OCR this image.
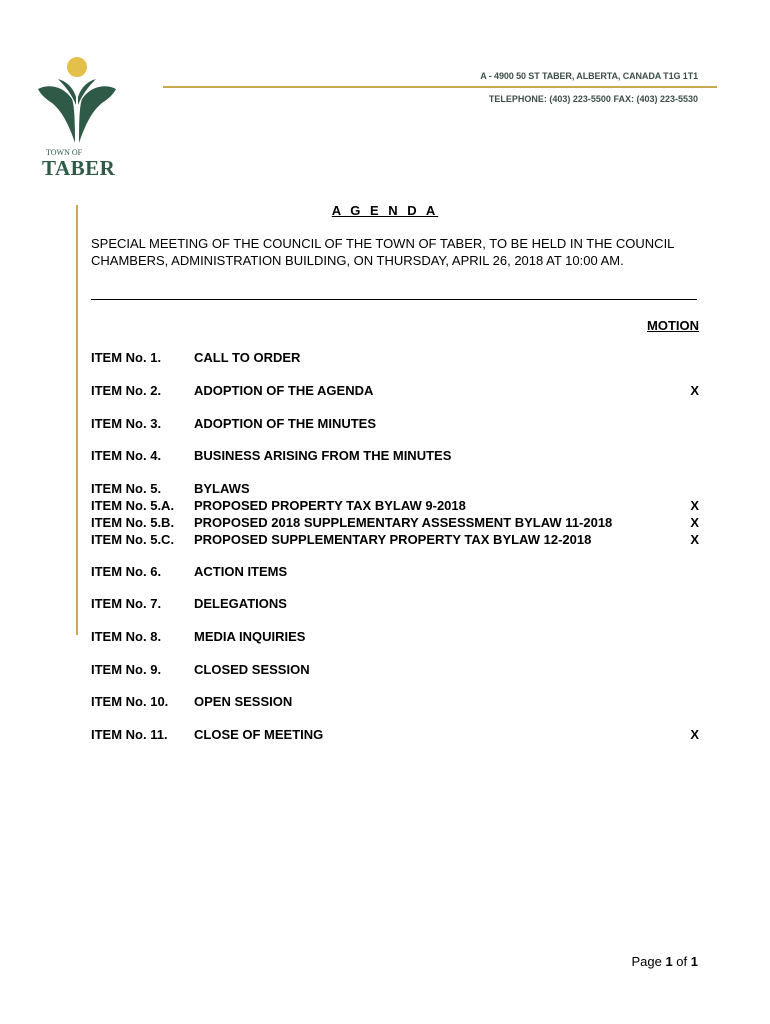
TOWN OF
TABER
A - 4900 50 ST TABER, ALBERTA, CANADA T1G 1T1
TELEPHONE: (403) 223-5500 FAX: (403) 223-5530
A G E N D A
SPECIAL MEETING OF THE COUNCIL OF THE TOWN OF TABER, TO BE HELD IN THE COUNCIL CHAMBERS, ADMINISTRATION BUILDING, ON THURSDAY, APRIL 26, 2018 AT 10:00 AM.
MOTION
ITEM No. 1.	CALL TO ORDER
ITEM No. 2.	ADOPTION OF THE AGENDA	X
ITEM No. 3.	ADOPTION OF THE MINUTES
ITEM No. 4.	BUSINESS ARISING FROM THE MINUTES
ITEM No. 5.	BYLAWS
ITEM No. 5.A. PROPOSED PROPERTY TAX BYLAW 9-2018	X
ITEM No. 5.B. PROPOSED 2018 SUPPLEMENTARY ASSESSMENT BYLAW 11-2018	X
ITEM No. 5.C. PROPOSED SUPPLEMENTARY PROPERTY TAX BYLAW 12-2018	X
ITEM No. 6.	ACTION ITEMS
ITEM No. 7.	DELEGATIONS
ITEM No. 8.	MEDIA INQUIRIES
ITEM No. 9.	CLOSED SESSION
ITEM No. 10. OPEN SESSION
ITEM No. 11. CLOSE OF MEETING	X
Page 1 of 1
